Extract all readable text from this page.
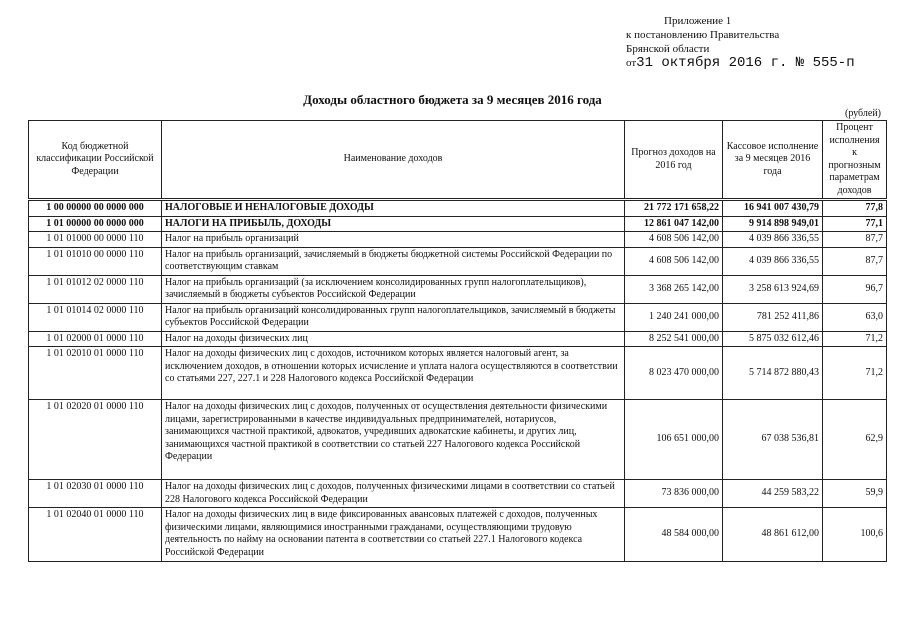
Приложение 1
к постановлению Правительства
Брянской области
от31 октября 2016 г. № 555-п
Доходы областного бюджета за 9 месяцев 2016 года
(рублей)
Код бюджетной классификации Российской Федерации	Наименование доходов	Прогноз доходов на 2016 год	Кассовое исполнение за 9 месяцев 2016 года	Процент исполнения к прогнозным параметрам доходов
1 00 00000 00 0000 000	НАЛОГОВЫЕ И НЕНАЛОГОВЫЕ ДОХОДЫ	21 772 171 658,22	16 941 007 430,79	77,8
1 01 00000 00 0000 000	НАЛОГИ НА ПРИБЫЛЬ, ДОХОДЫ	12 861 047 142,00	9 914 898 949,01	77,1
1 01 01000 00 0000 110	Налог на прибыль организаций	4 608 506 142,00	4 039 866 336,55	87,7
1 01 01010 00 0000 110	Налог на прибыль организаций, зачисляемый в бюджеты бюджетной системы Российской Федерации по соответствующим ставкам	4 608 506 142,00	4 039 866 336,55	87,7
1 01 01012 02 0000 110	Налог на прибыль организаций (за исключением консолидированных групп налогоплательщиков), зачисляемый в бюджеты субъектов Российской Федерации	3 368 265 142,00	3 258 613 924,69	96,7
1 01 01014 02 0000 110	Налог на прибыль организаций консолидированных групп налогоплательщиков, зачисляемый в бюджеты субъектов Российской Федерации	1 240 241 000,00	781 252 411,86	63,0
1 01 02000 01 0000 110	Налог на доходы физических лиц	8 252 541 000,00	5 875 032 612,46	71,2
1 01 02010 01 0000 110	Налог на доходы физических лиц с доходов, источником которых является налоговый агент, за исключением доходов, в отношении которых исчисление и уплата налога осуществляются в соответствии со статьями 227, 227.1 и 228 Налогового кодекса Российской Федерации	8 023 470 000,00	5 714 872 880,43	71,2
1 01 02020 01 0000 110	Налог на доходы физических лиц с доходов, полученных от осуществления деятельности физическими лицами, зарегистрированными в качестве индивидуальных предпринимателей, нотариусов, занимающихся частной практикой, адвокатов, учредивших адвокатские кабинеты, и других лиц, занимающихся частной практикой в соответствии со статьей 227 Налогового кодекса Российской Федерации	106 651 000,00	67 038 536,81	62,9
1 01 02030 01 0000 110	Налог на доходы физических лиц с доходов, полученных физическими лицами в соответствии со статьей 228 Налогового кодекса Российской Федерации	73 836 000,00	44 259 583,22	59,9
1 01 02040 01 0000 110	Налог на доходы физических лиц в виде фиксированных авансовых платежей с доходов, полученных физическими лицами, являющимися иностранными гражданами, осуществляющими трудовую деятельность по найму на основании патента в соответствии со статьей 227.1 Налогового кодекса Российской Федерации	48 584 000,00	48 861 612,00	100,6
